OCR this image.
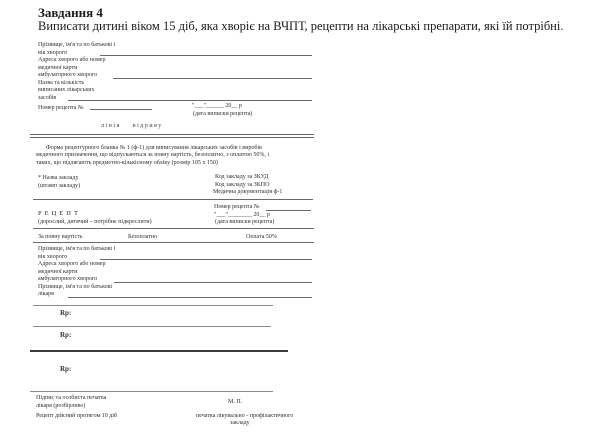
Завдання 4
Виписати дитині віком 15 діб, яка хворіє на ВЧПТ, рецепти на лікарські препарати, які їй потрібні.
Прізвище, ім'я та по батькові і
вік хворого
Адреса хворого або номер
медичної карти
амбулаторного хворого
Назва та кількість
виписаних лікарських
засобів
Номер рецепта №	"___"______ 20__ р
(дата виписки рецепта)
лінія відриву
Форма рецептурного бланка № 1 (ф-1) для виписування лікарських засобів і виробів
медичного призначення, що відпускаються за повну вартість, безоплатно, з оплатою 50%, і
таких, що підлягають предметно-кількісному обліку (розмір 105 х 150)
* Назва закладу
(штамп закладу)
Код закладу за ЗКУД
Код закладу за ЗКПО
Медична документація ф-1
Номер рецепта №
РЕЦЕПТ	"___"________ 20__ р
(дорослий, дитячий – потрібне підкреслити)	(дата виписки рецепта)
За повну вартість	Безоплатно	Оплата 50%
Прізвище, ім'я та по батькові і
вік хворого
Адреса хворого або номер
медичної карти
амбулаторного хворого
Прізвище, ім'я та по батькові
лікаря
Rp:
Rp:
Rp:
Підпис та особиста печатка
лікаря (розбірливо)
М. П.
Рецепт дійсний протягом 10 діб	печатка лікувально - профілактичного
закладу
